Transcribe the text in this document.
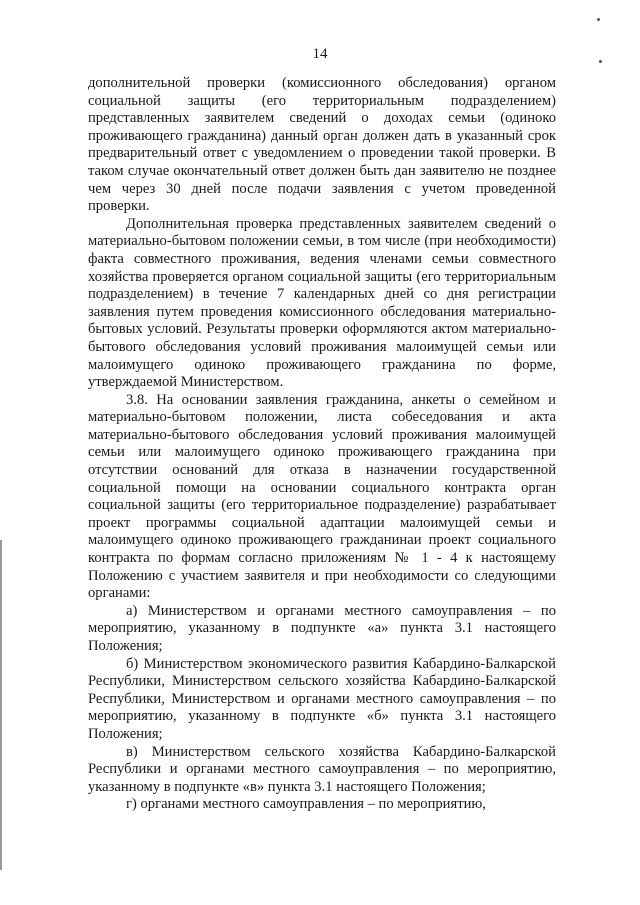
14

дополнительной проверки (комиссионного обследования) органом социальной защиты (его территориальным подразделением) представленных заявителем сведений о доходах семьи (одиноко проживающего гражданина) данный орган должен дать в указанный срок предварительный ответ с уведомлением о проведении такой проверки. В таком случае окончательный ответ должен быть дан заявителю не позднее чем через 30 дней после подачи заявления с учетом проведенной проверки.

Дополнительная проверка представленных заявителем сведений о материально-бытовом положении семьи, в том числе (при необходимости) факта совместного проживания, ведения членами семьи совместного хозяйства проверяется органом социальной защиты (его территориальным подразделением) в течение 7 календарных дней со дня регистрации заявления путем проведения комиссионного обследования материально-бытовых условий. Результаты проверки оформляются актом материально-бытового обследования условий проживания малоимущей семьи или малоимущего одиноко проживающего гражданина по форме, утверждаемой Министерством.

3.8. На основании заявления гражданина, анкеты о семейном и материально-бытовом положении, листа собеседования и акта материально-бытового обследования условий проживания малоимущей семьи или малоимущего одиноко проживающего гражданина при отсутствии оснований для отказа в назначении государственной социальной помощи на основании социального контракта орган социальной защиты (его территориальное подразделение) разрабатывает проект программы социальной адаптации малоимущей семьи и малоимущего одиноко проживающего гражданинаи проект социального контракта по формам согласно приложениям № 1 - 4 к настоящему Положению с участием заявителя и при необходимости со следующими органами:

а) Министерством и органами местного самоуправления – по мероприятию, указанному в подпункте «а» пункта 3.1 настоящего Положения;

б) Министерством экономического развития Кабардино-Балкарской Республики, Министерством сельского хозяйства Кабардино-Балкарской Республики, Министерством и органами местного самоуправления – по мероприятию, указанному в подпункте «б» пункта 3.1 настоящего Положения;

в) Министерством сельского хозяйства Кабардино-Балкарской Республики и органами местного самоуправления – по мероприятию, указанному в подпункте «в» пункта 3.1 настоящего Положения;

г) органами местного самоуправления – по мероприятию,
